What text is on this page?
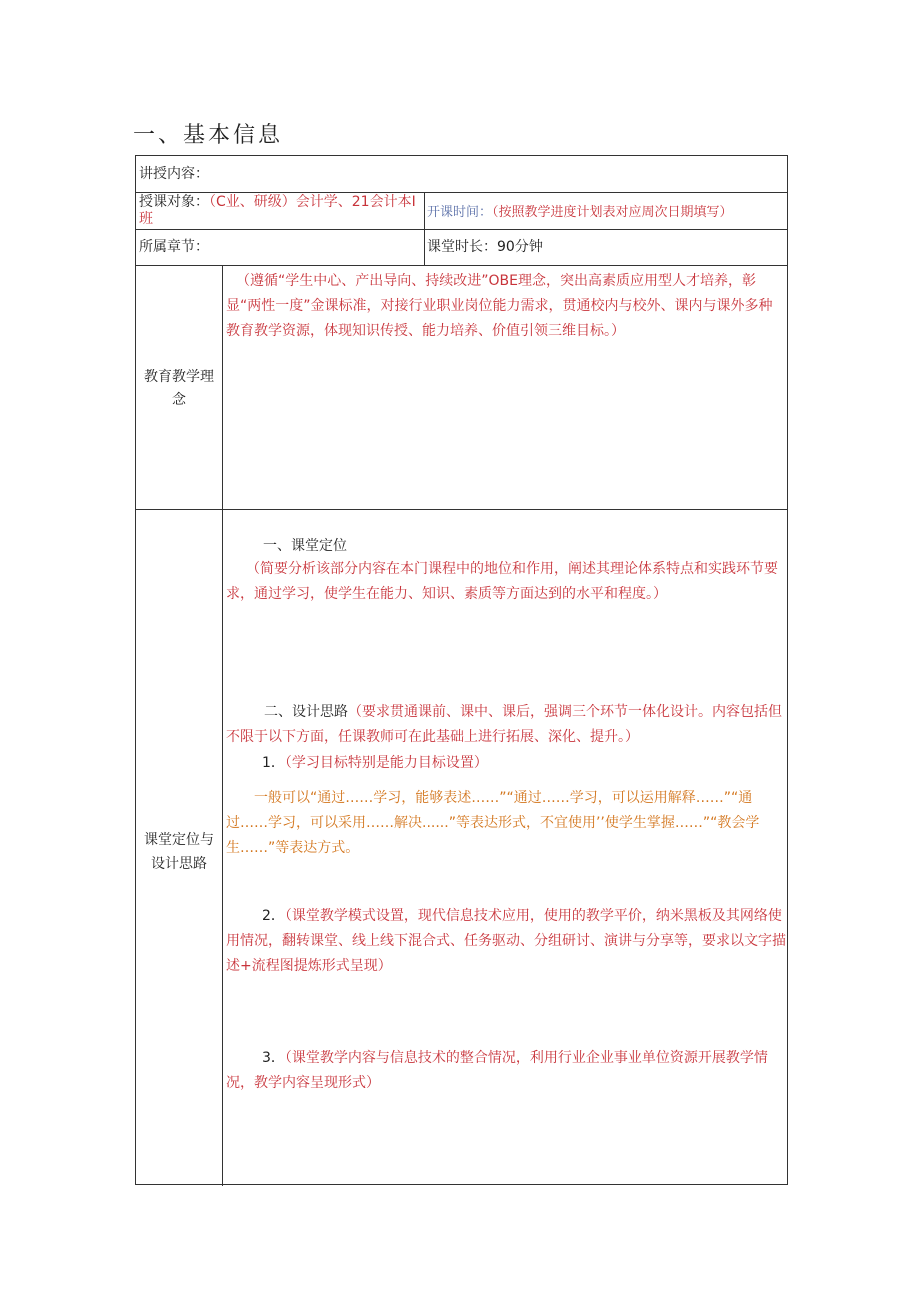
一、基本信息
讲授内容：
授课对象：（C业、研级）会计学、21会计本I班	开课时间：（按照教学进度计划表对应周次日期填写）
所属章节：	课堂时长：90分钟
教育教学理念
（遵循“学生中心、产出导向、持续改进”OBE理念，突出高素质应用型人才培养，彰显“两性一度”金课标准，对接行业职业岗位能力需求，贯通校内与校外、课内与课外多种教育教学资源，体现知识传授、能力培养、价值引领三维目标。）
课堂定位与设计思路
一、课堂定位
（简要分析该部分内容在本门课程中的地位和作用，阐述其理论体系特点和实践环节要求，通过学习，使学生在能力、知识、素质等方面达到的水平和程度。）
二、设计思路（要求贯通课前、课中、课后，强调三个环节一体化设计。内容包括但不限于以下方面，任课教师可在此基础上进行拓展、深化、提升。）
1．（学习目标特别是能力目标设置）
一般可以“通过……学习，能够表述……”“通过……学习，可以运用解释……”“通过……学习，可以采用……解决......”等表达形式，不宜使用’’使学生掌握……”“教会学生……”等表达方式。
2．（课堂教学模式设置，现代信息技术应用，使用的教学平价，纳米黑板及其网络使用情况，翻转课堂、线上线下混合式、任务驱动、分组研讨、演讲与分享等，要求以文字描述+流程图提炼形式呈现）
3．（课堂教学内容与信息技术的整合情况，利用行业企业事业单位资源开展教学情况，教学内容呈现形式）
